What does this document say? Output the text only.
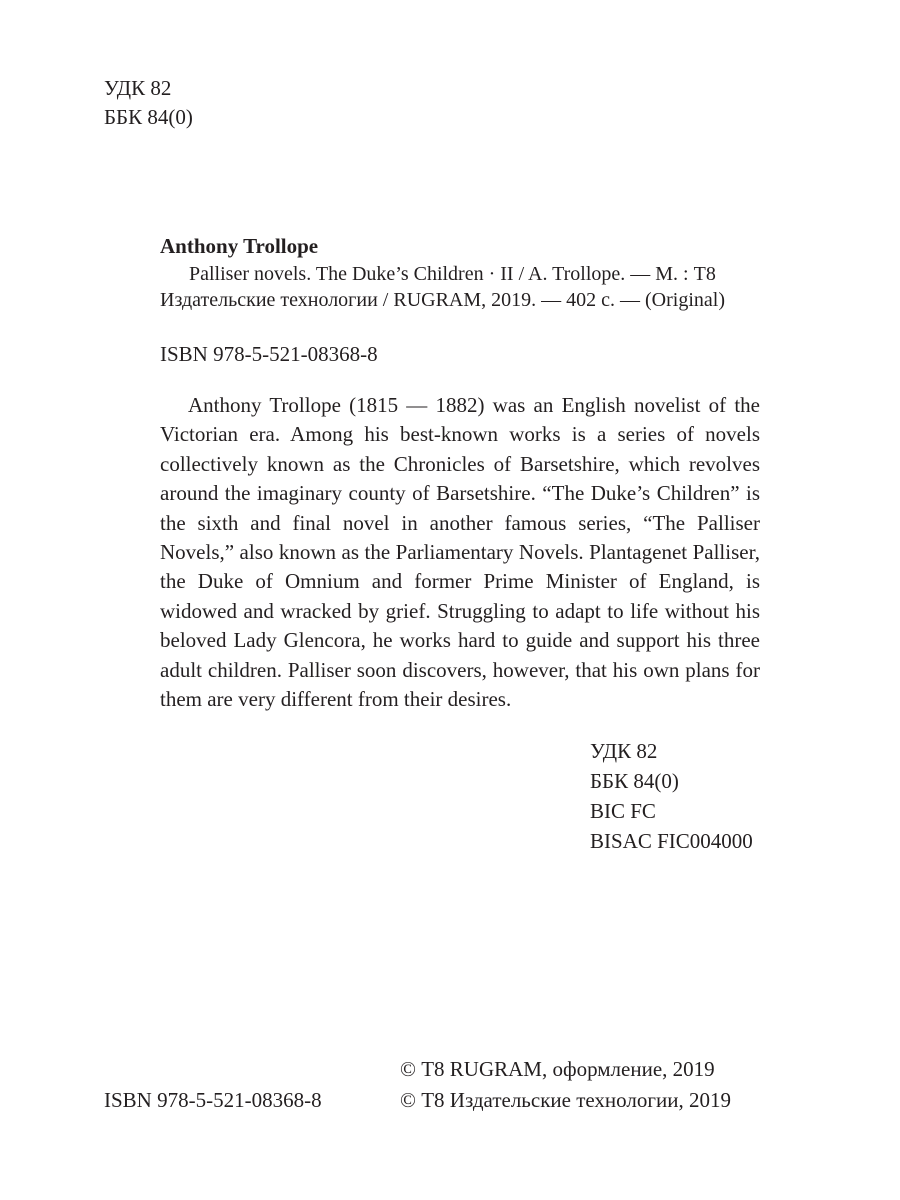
УДК 82
ББК 84(0)
Anthony Trollope
Palliser novels. The Duke’s Children · II / A. Trollope. — М. : Т8
Издательские технологии / RUGRAM, 2019. — 402 с. — (Original)
ISBN 978-5-521-08368-8

Anthony Trollope (1815 — 1882) was an English novelist of the Victorian era. Among his best-known works is a series of novels collectively known as the Chronicles of Barsetshire, which revolves around the imaginary county of Barsetshire. “The Duke’s Children” is the sixth and final novel in another famous series, “The Palliser Novels,” also known as the Parliamentary Novels. Plantagenet Palliser, the Duke of Omnium and former Prime Minister of England, is widowed and wracked by grief. Struggling to adapt to life without his beloved Lady Glencora, he works hard to guide and support his three adult children. Palliser soon discovers, however, that his own plans for them are very different from their desires.

УДК 82
ББК 84(0)
BIC FC
BISAC FIC004000
© Т8 RUGRAM, оформление, 2019
© Т8 Издательские технологии, 2019
ISBN 978-5-521-08368-8
